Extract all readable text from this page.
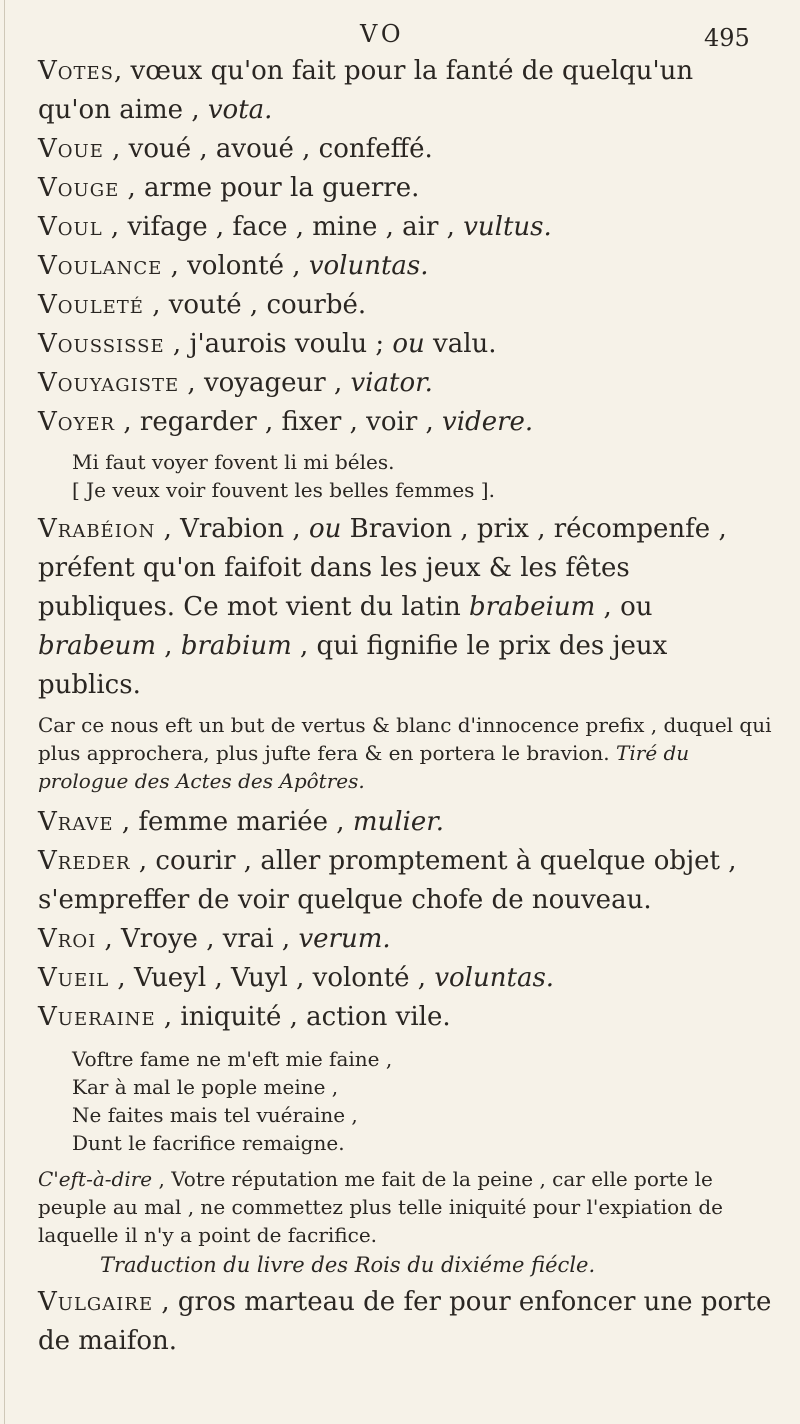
VO	495

Votes, vœux qu'on fait pour la fanté de quelqu'un qu'on aime , vota.

Voue , voué , avoué , confeffé.

Vouge , arme pour la guerre.

Voul , vifage , face , mine , air , vultus.

Voulance , volonté , voluntas.

Vouleté , vouté , courbé.

Voussisse , j'aurois voulu ; ou valu.

Vouyagiste , voyageur , viator.

Voyer , regarder , fixer , voir , videre.

Mi faut voyer fovent li mi béles.
[ Je veux voir fouvent les belles femmes ].

Vrabéion , Vrabion , ou Bravion , prix , récompenfe , préfent qu'on faifoit dans les jeux & les fêtes publiques. Ce mot vient du latin brabeium , ou brabeum , brabium , qui fignifie le prix des jeux publics.

Car ce nous eft un but de vertus & blanc d'innocence prefix , duquel qui plus approchera, plus jufte fera & en portera le bravion. Tiré du prologue des Actes des Apôtres.

Vrave , femme mariée , mulier.

Vreder , courir , aller promptement à quelque objet , s'empreffer de voir quelque chofe de nouveau.

Vroi , Vroye , vrai , verum.

Vueil , Vueyl , Vuyl , volonté , voluntas.

Vueraine , iniquité , action vile.

Voftre fame ne m'eft mie faine ,
Kar à mal le pople meine ,
Ne faites mais tel vuéraine ,
Dunt le facrifice remaigne.

C'eft-à-dire , Votre réputation me fait de la peine , car elle porte le peuple au mal , ne commettez plus telle iniquité pour l'expiation de laquelle il n'y a point de facrifice.

Traduction du livre des Rois du dixiéme fiécle.

Vulgaire , gros marteau de fer pour enfoncer une porte de maifon.
